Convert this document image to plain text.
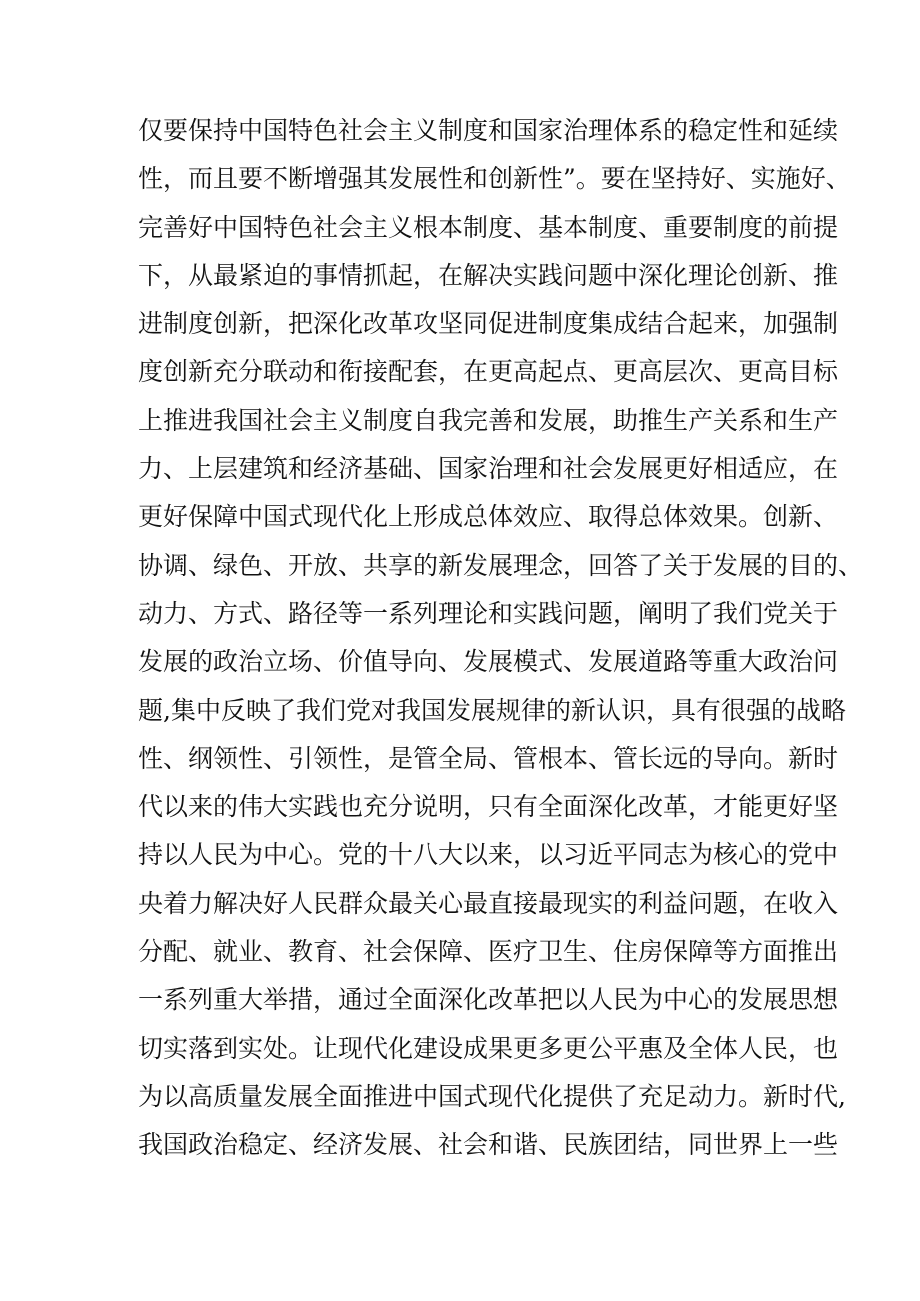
仅要保持中国特色社会主义制度和国家治理体系的稳定性和延续
性，而且要不断增强其发展性和创新性”。要在坚持好、实施好、
完善好中国特色社会主义根本制度、基本制度、重要制度的前提
下，从最紧迫的事情抓起，在解决实践问题中深化理论创新、推
进制度创新，把深化改革攻坚同促进制度集成结合起来，加强制
度创新充分联动和衔接配套，在更高起点、更高层次、更高目标
上推进我国社会主义制度自我完善和发展，助推生产关系和生产
力、上层建筑和经济基础、国家治理和社会发展更好相适应，在
更好保障中国式现代化上形成总体效应、取得总体效果。创新、
协调、绿色、开放、共享的新发展理念，回答了关于发展的目的、
动力、方式、路径等一系列理论和实践问题，阐明了我们党关于
发展的政治立场、价值导向、发展模式、发展道路等重大政治问
题,集中反映了我们党对我国发展规律的新认识，具有很强的战略
性、纲领性、引领性，是管全局、管根本、管长远的导向。新时
代以来的伟大实践也充分说明，只有全面深化改革，才能更好坚
持以人民为中心。党的十八大以来，以习近平同志为核心的党中
央着力解决好人民群众最关心最直接最现实的利益问题，在收入
分配、就业、教育、社会保障、医疗卫生、住房保障等方面推出
一系列重大举措，通过全面深化改革把以人民为中心的发展思想
切实落到实处。让现代化建设成果更多更公平惠及全体人民，也
为以高质量发展全面推进中国式现代化提供了充足动力。新时代,
我国政治稳定、经济发展、社会和谐、民族团结，同世界上一些
